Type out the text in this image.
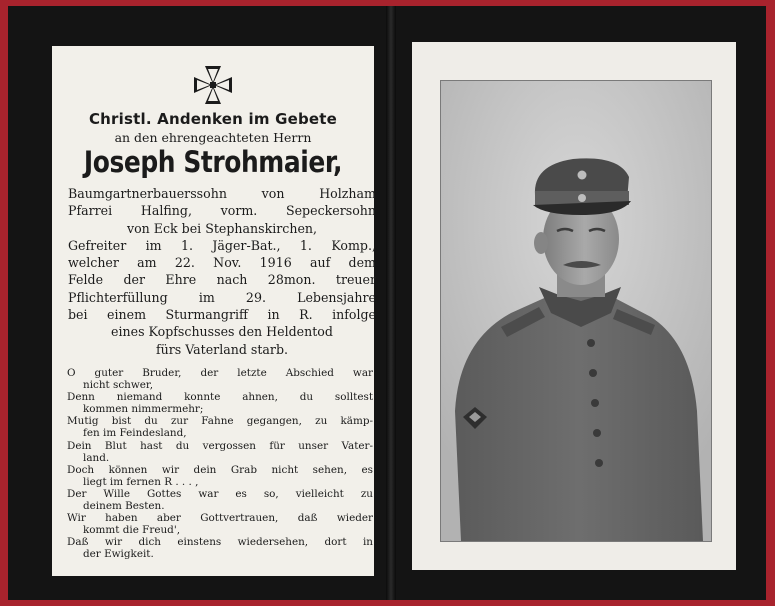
Christl. Andenken im Gebete
an den ehrengeachteten Herrn
Joseph Strohmaier,
Baumgartnerbauerssohn von Holzham
Pfarrei Halfing, vorm. Sepeckersohn
von Eck bei Stephanskirchen,
Gefreiter im 1. Jäger-Bat., 1. Komp.,
welcher am 22. Nov. 1916 auf dem
Felde der Ehre nach 28mon. treuer
Pflichterfüllung im 29. Lebensjahre
bei einem Sturmangriff in R. infolge
eines Kopfschusses den Heldentod
fürs Vaterland starb.
O guter Bruder, der letzte Abschied war
nicht schwer,
Denn niemand konnte ahnen, du solltest
kommen nimmermehr;
Mutig bist du zur Fahne gegangen, zu kämp-
fen im Feindesland,
Dein Blut hast du vergossen für unser Vater-
land.
Doch können wir dein Grab nicht sehen, es
liegt im fernen R . . . ,
Der Wille Gottes war es so, vielleicht zu
deinem Besten.
Wir haben aber Gottvertrauen, daß wieder
kommt die Freud',
Daß wir dich einstens wiedersehen, dort in
der Ewigkeit.
